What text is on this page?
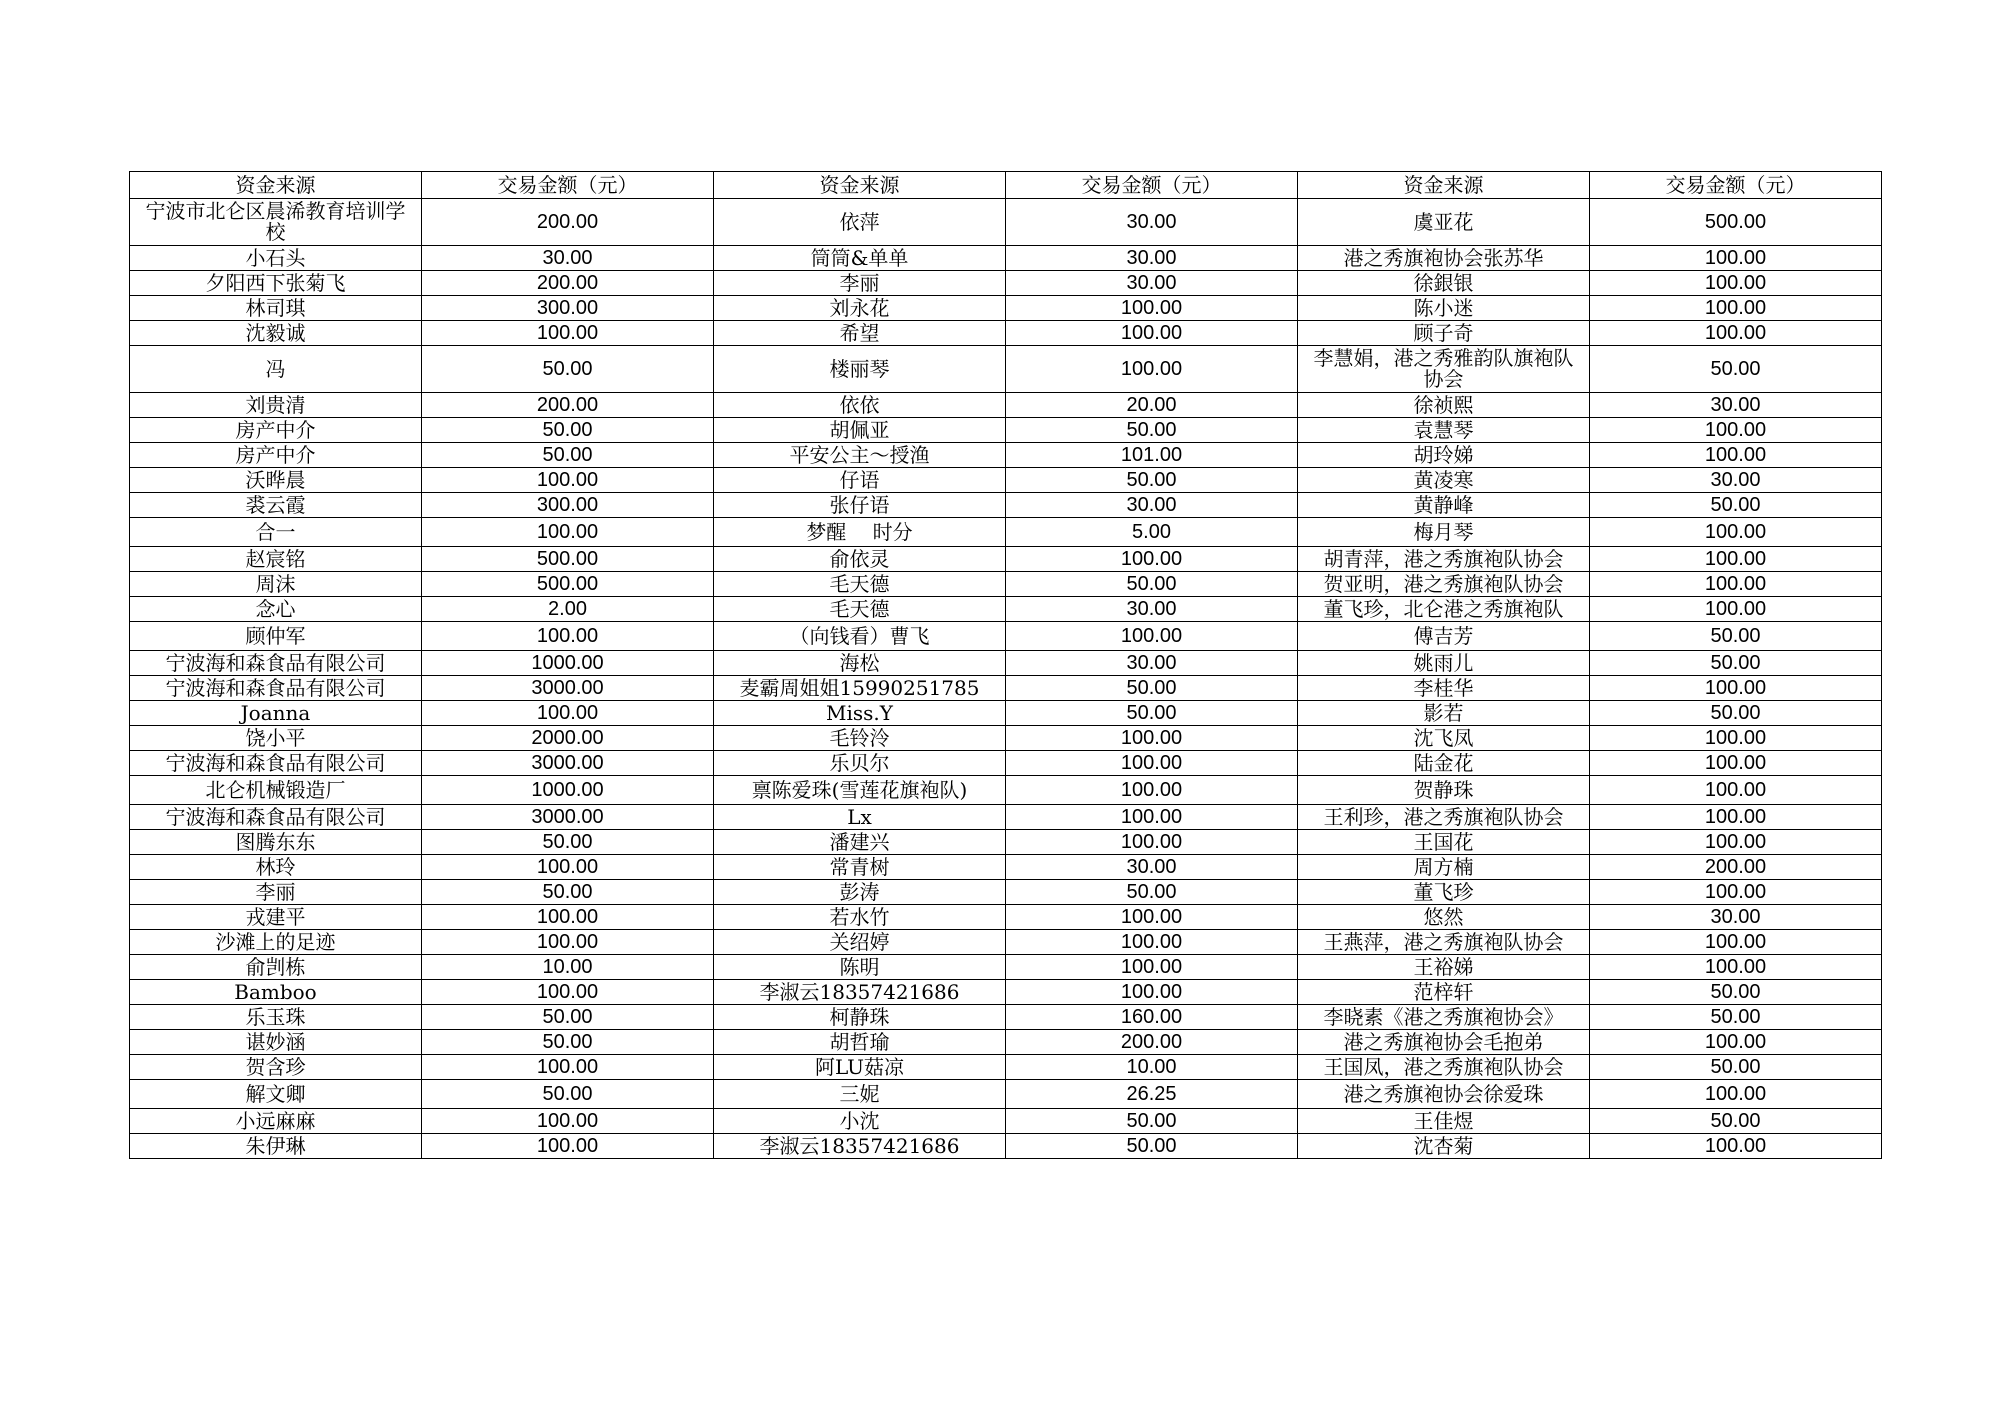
资金来源	交易金额（元）	资金来源	交易金额（元）	资金来源	交易金额（元）
宁波市北仑区晨浠教育培训学校	200.00	依萍	30.00	虞亚花	500.00
小石头	30.00	筒筒&单单	30.00	港之秀旗袍协会张苏华	100.00
夕阳西下张菊飞	200.00	李丽	30.00	徐銀银	100.00
林司琪	300.00	刘永花	100.00	陈小迷	100.00
沈毅诚	100.00	希望	100.00	顾子奇	100.00
冯	50.00	楼丽琴	100.00	李慧娟，港之秀雅韵队旗袍队协会	50.00
刘贵清	200.00	依依	20.00	徐祯熙	30.00
房产中介	50.00	胡佩亚	50.00	袁慧琴	100.00
房产中介	50.00	平安公主～授渔	101.00	胡玲娣	100.00
沃晔晨	100.00	仔语	50.00	黄凌寒	30.00
裘云霞	300.00	张仔语	30.00	黄静峰	50.00
合一	100.00	梦醒　 时分	5.00	梅月琴	100.00
赵宸铭	500.00	俞依灵	100.00	胡青萍，港之秀旗袍队协会	100.00
周沫	500.00	毛天德	50.00	贺亚明，港之秀旗袍队协会	100.00
念心	2.00	毛天德	30.00	董飞珍，北仑港之秀旗袍队	100.00
顾仲军	100.00	（向钱看）曹飞	100.00	傅吉芳	50.00
宁波海和森食品有限公司	1000.00	海松	30.00	姚雨儿	50.00
宁波海和森食品有限公司	3000.00	麦霸周姐姐15990251785	50.00	李桂华	100.00
Joanna	100.00	Miss.Y	50.00	影若	50.00
饶小平	2000.00	毛铃泠	100.00	沈飞凤	100.00
宁波海和森食品有限公司	3000.00	乐贝尔	100.00	陆金花	100.00
北仑机械锻造厂	1000.00	禀陈爱珠(雪莲花旗袍队)	100.00	贺静珠	100.00
宁波海和森食品有限公司	3000.00	Lx	100.00	王利珍，港之秀旗袍队协会	100.00
图腾东东	50.00	潘建兴	100.00	王国花	100.00
林玲	100.00	常青树	30.00	周方楠	200.00
李丽	50.00	彭涛	50.00	董飞珍	100.00
戎建平	100.00	若水竹	100.00	悠然	30.00
沙滩上的足迹	100.00	关绍婷	100.00	王燕萍，港之秀旗袍队协会	100.00
俞剀栋	10.00	陈明	100.00	王裕娣	100.00
Bamboo	100.00	李淑云18357421686	100.00	范梓轩	50.00
乐玉珠	50.00	柯静珠	160.00	李晓素《港之秀旗袍协会》	50.00
谌妙涵	50.00	胡哲瑜	200.00	港之秀旗袍协会毛抱弟	100.00
贺含珍	100.00	阿LU菇凉	10.00	王国凤，港之秀旗袍队协会	50.00
解文卿	50.00	三妮	26.25	港之秀旗袍协会徐爱珠	100.00
小远麻麻	100.00	小沈	50.00	王佳煜	50.00
朱伊琳	100.00	李淑云18357421686	50.00	沈杏菊	100.00
